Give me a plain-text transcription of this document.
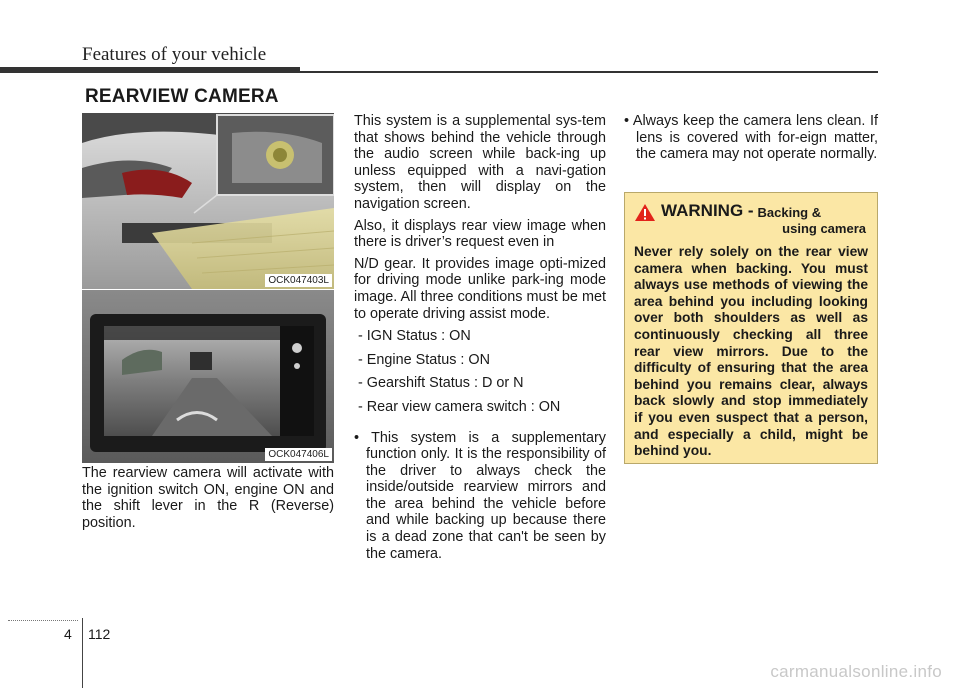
Features of your vehicle
REARVIEW CAMERA
OCK047403L
OCK047406L

The rearview camera will activate with the ignition switch ON, engine ON and the shift lever in the R (Reverse) position.

This system is a supplemental sys-tem that shows behind the vehicle through the audio screen while back-ing up unless equipped with a navi-gation system, then will display on the navigation screen.

Also, it displays rear view image when there is driver’s request even in

N/D gear. It provides image opti-mized for driving mode unlike park-ing mode image. All three conditions must be met to operate driving assist mode.

- IGN Status : ON
- Engine Status : ON
- Gearshift Status : D or N
- Rear view camera switch : ON

• This system is a supplementary function only. It is the responsibility of the driver to always check the inside/outside rearview mirrors and the area behind the vehicle before and while backing up because there is a dead zone that can't be seen by the camera.

• Always keep the camera lens clean. If lens is covered with for-eign matter, the camera may not operate normally.

WARNING - Backing &
using camera
Never rely solely on the rear view camera when backing. You must always use methods of viewing the area behind you including looking over both shoulders as well as continuously checking all three rear view mirrors. Due to the difficulty of ensuring that the area behind you remains clear, always back slowly and stop immediately if you even suspect that a person, and especially a child, might be behind you.
4 112
carmanualsonline.info
